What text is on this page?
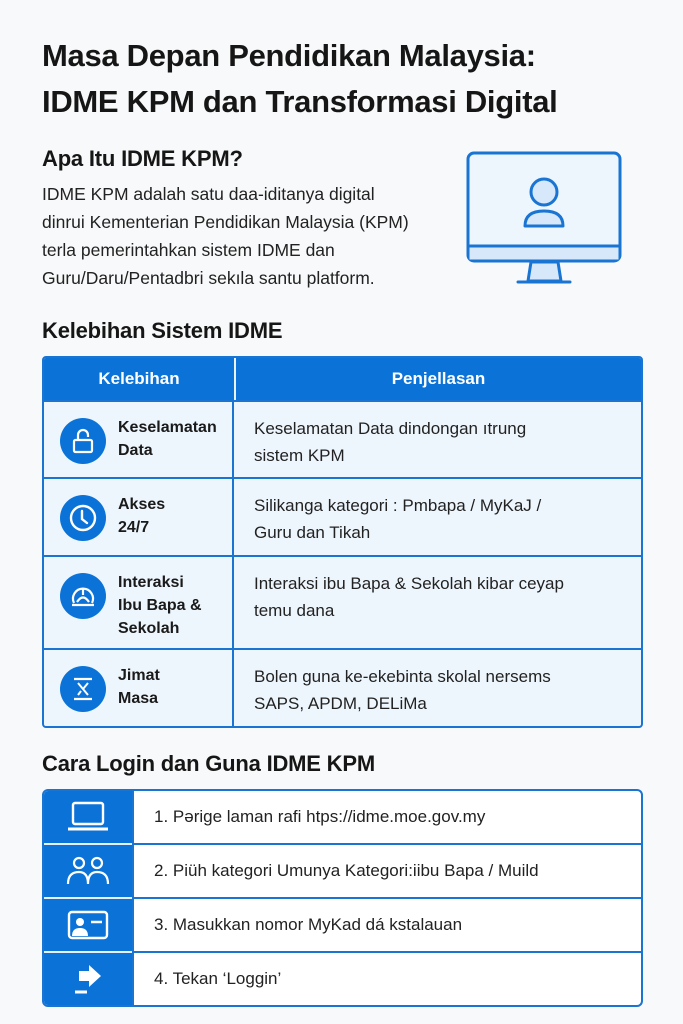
Masa Depan Pendidikan Malaysia:
IDME KPM dan Transformasi Digital
Apa Itu IDME KPM?
IDME KPM adalah satu daa-iditanya digital
dinrui Kementerian Pendidikan Malaysia (KPM)
terla pemerintahkan sistem IDME dan
Guru/Daru/Pentadbri sekıla santu platform.
Kelebihan Sistem IDME
Kelebihan	Penjellasan
Keselamatan
Data
Keselamatan Data dindongan ıtrung
sistem KPM
Akses
24/7
Silikanga kategori : Pmbapa / MyKaJ /
Guru dan Tikah
Interaksi
Ibu Bapa &
Sekolah
Interaksi ibu Bapa & Sekolah kibar ceyap
temu dana
Jimat
Masa
Bolen guna ke-ekebinta skolal nersems
SAPS, APDM, DELiMa
Cara Login dan Guna IDME KPM
1. Pərige laman rafi htps://idme.moe.gov.my
2. Piüh kategori Umunya Kategori:iibu Bapa / Muild
3. Masukkan nomor MyKad dá kstalauan
4. Tekan ‘Loggin’
